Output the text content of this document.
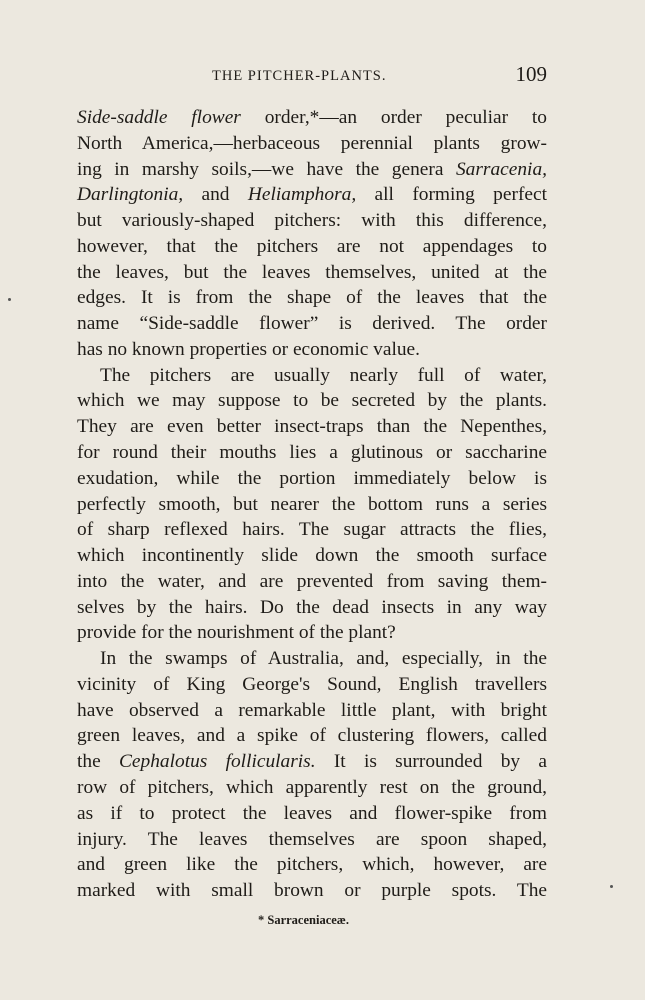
THE PITCHER-PLANTS.	109
Side-saddle flower order,*—an order peculiar to
North America,—herbaceous perennial plants grow-
ing in marshy soils,—we have the genera Sarracenia,
Darlingtonia, and Heliamphora, all forming perfect
but variously-shaped pitchers: with this difference,
however, that the pitchers are not appendages to
the leaves, but the leaves themselves, united at the
edges. It is from the shape of the leaves that the
name “Side-saddle flower” is derived. The order
has no known properties or economic value.
The pitchers are usually nearly full of water,
which we may suppose to be secreted by the plants.
They are even better insect-traps than the Nepenthes,
for round their mouths lies a glutinous or saccharine
exudation, while the portion immediately below is
perfectly smooth, but nearer the bottom runs a series
of sharp reflexed hairs. The sugar attracts the flies,
which incontinently slide down the smooth surface
into the water, and are prevented from saving them-
selves by the hairs. Do the dead insects in any way
provide for the nourishment of the plant?
In the swamps of Australia, and, especially, in the
vicinity of King George's Sound, English travellers
have observed a remarkable little plant, with bright
green leaves, and a spike of clustering flowers, called
the Cephalotus follicularis. It is surrounded by a
row of pitchers, which apparently rest on the ground,
as if to protect the leaves and flower-spike from
injury. The leaves themselves are spoon shaped,
and green like the pitchers, which, however, are
marked with small brown or purple spots. The
* Sarraceniaceæ.
